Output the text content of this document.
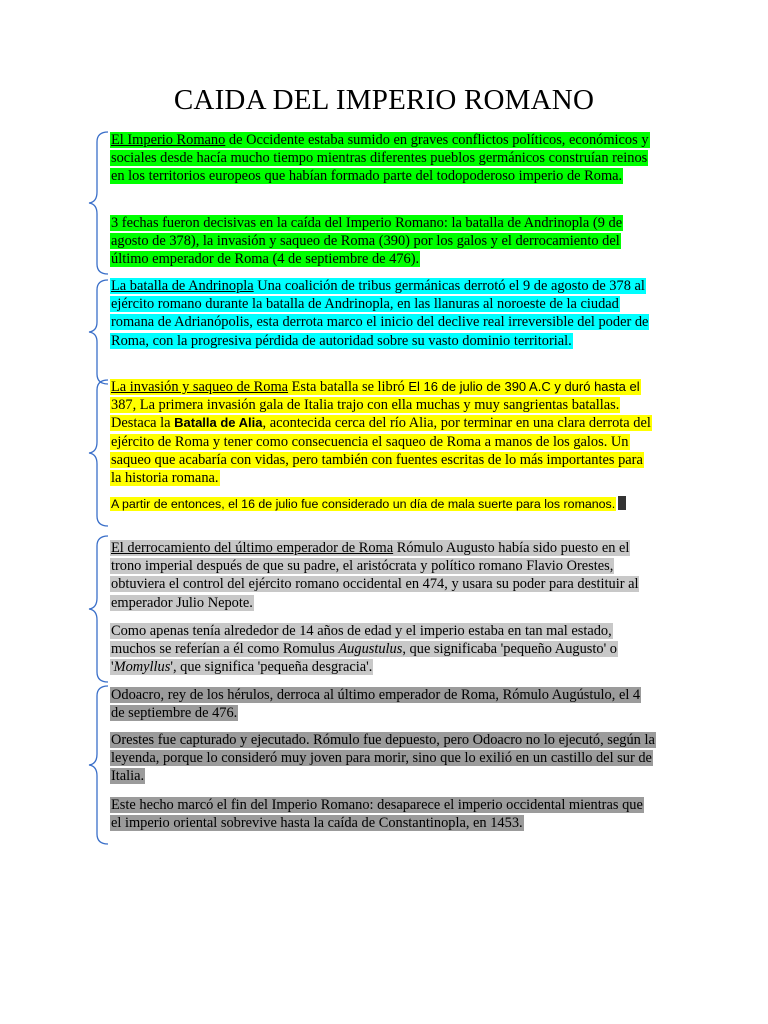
CAIDA DEL IMPERIO ROMANO
El Imperio Romano de Occidente estaba sumido en graves conflictos políticos, económicos y sociales desde hacía mucho tiempo mientras diferentes pueblos germánicos construían reinos en los territorios europeos que habían formado parte del todopoderoso imperio de Roma.
3 fechas fueron decisivas en la caída del Imperio Romano: la batalla de Andrinopla (9 de agosto de 378), la invasión y saqueo de Roma (390) por los galos y el derrocamiento del último emperador de Roma (4 de septiembre de 476).
La batalla de Andrinopla Una coalición de tribus germánicas derrotó el 9 de agosto de 378 al ejército romano durante la batalla de Andrinopla, en las llanuras al noroeste de la ciudad romana de Adrianópolis, esta derrota marco el inicio del declive real irreversible del poder de Roma, con la progresiva pérdida de autoridad sobre su vasto dominio territorial.
La invasión y saqueo de Roma Esta batalla se libró El 16 de julio de 390 A.C y duró hasta el 387, La primera invasión gala de Italia trajo con ella muchas y muy sangrientas batallas. Destaca la Batalla de Alia, acontecida cerca del río Alia, por terminar en una clara derrota del ejército de Roma y tener como consecuencia el saqueo de Roma a manos de los galos. Un saqueo que acabaría con vidas, pero también con fuentes escritas de lo más importantes para la historia romana.
A partir de entonces, el 16 de julio fue considerado un día de mala suerte para los romanos.
El derrocamiento del último emperador de Roma Rómulo Augusto había sido puesto en el trono imperial después de que su padre, el aristócrata y político romano Flavio Orestes, obtuviera el control del ejército romano occidental en 474, y usara su poder para destituir al emperador Julio Nepote.
Como apenas tenía alrededor de 14 años de edad y el imperio estaba en tan mal estado, muchos se referían a él como Romulus Augustulus, que significaba 'pequeño Augusto' o 'Momyllus', que significa 'pequeña desgracia'.
Odoacro, rey de los hérulos, derroca al último emperador de Roma, Rómulo Augústulo, el 4 de septiembre de 476.
Orestes fue capturado y ejecutado. Rómulo fue depuesto, pero Odoacro no lo ejecutó, según la leyenda, porque lo consideró muy joven para morir, sino que lo exilió en un castillo del sur de Italia.
Este hecho marcó el fin del Imperio Romano: desaparece el imperio occidental mientras que el imperio oriental sobrevive hasta la caída de Constantinopla, en 1453.
